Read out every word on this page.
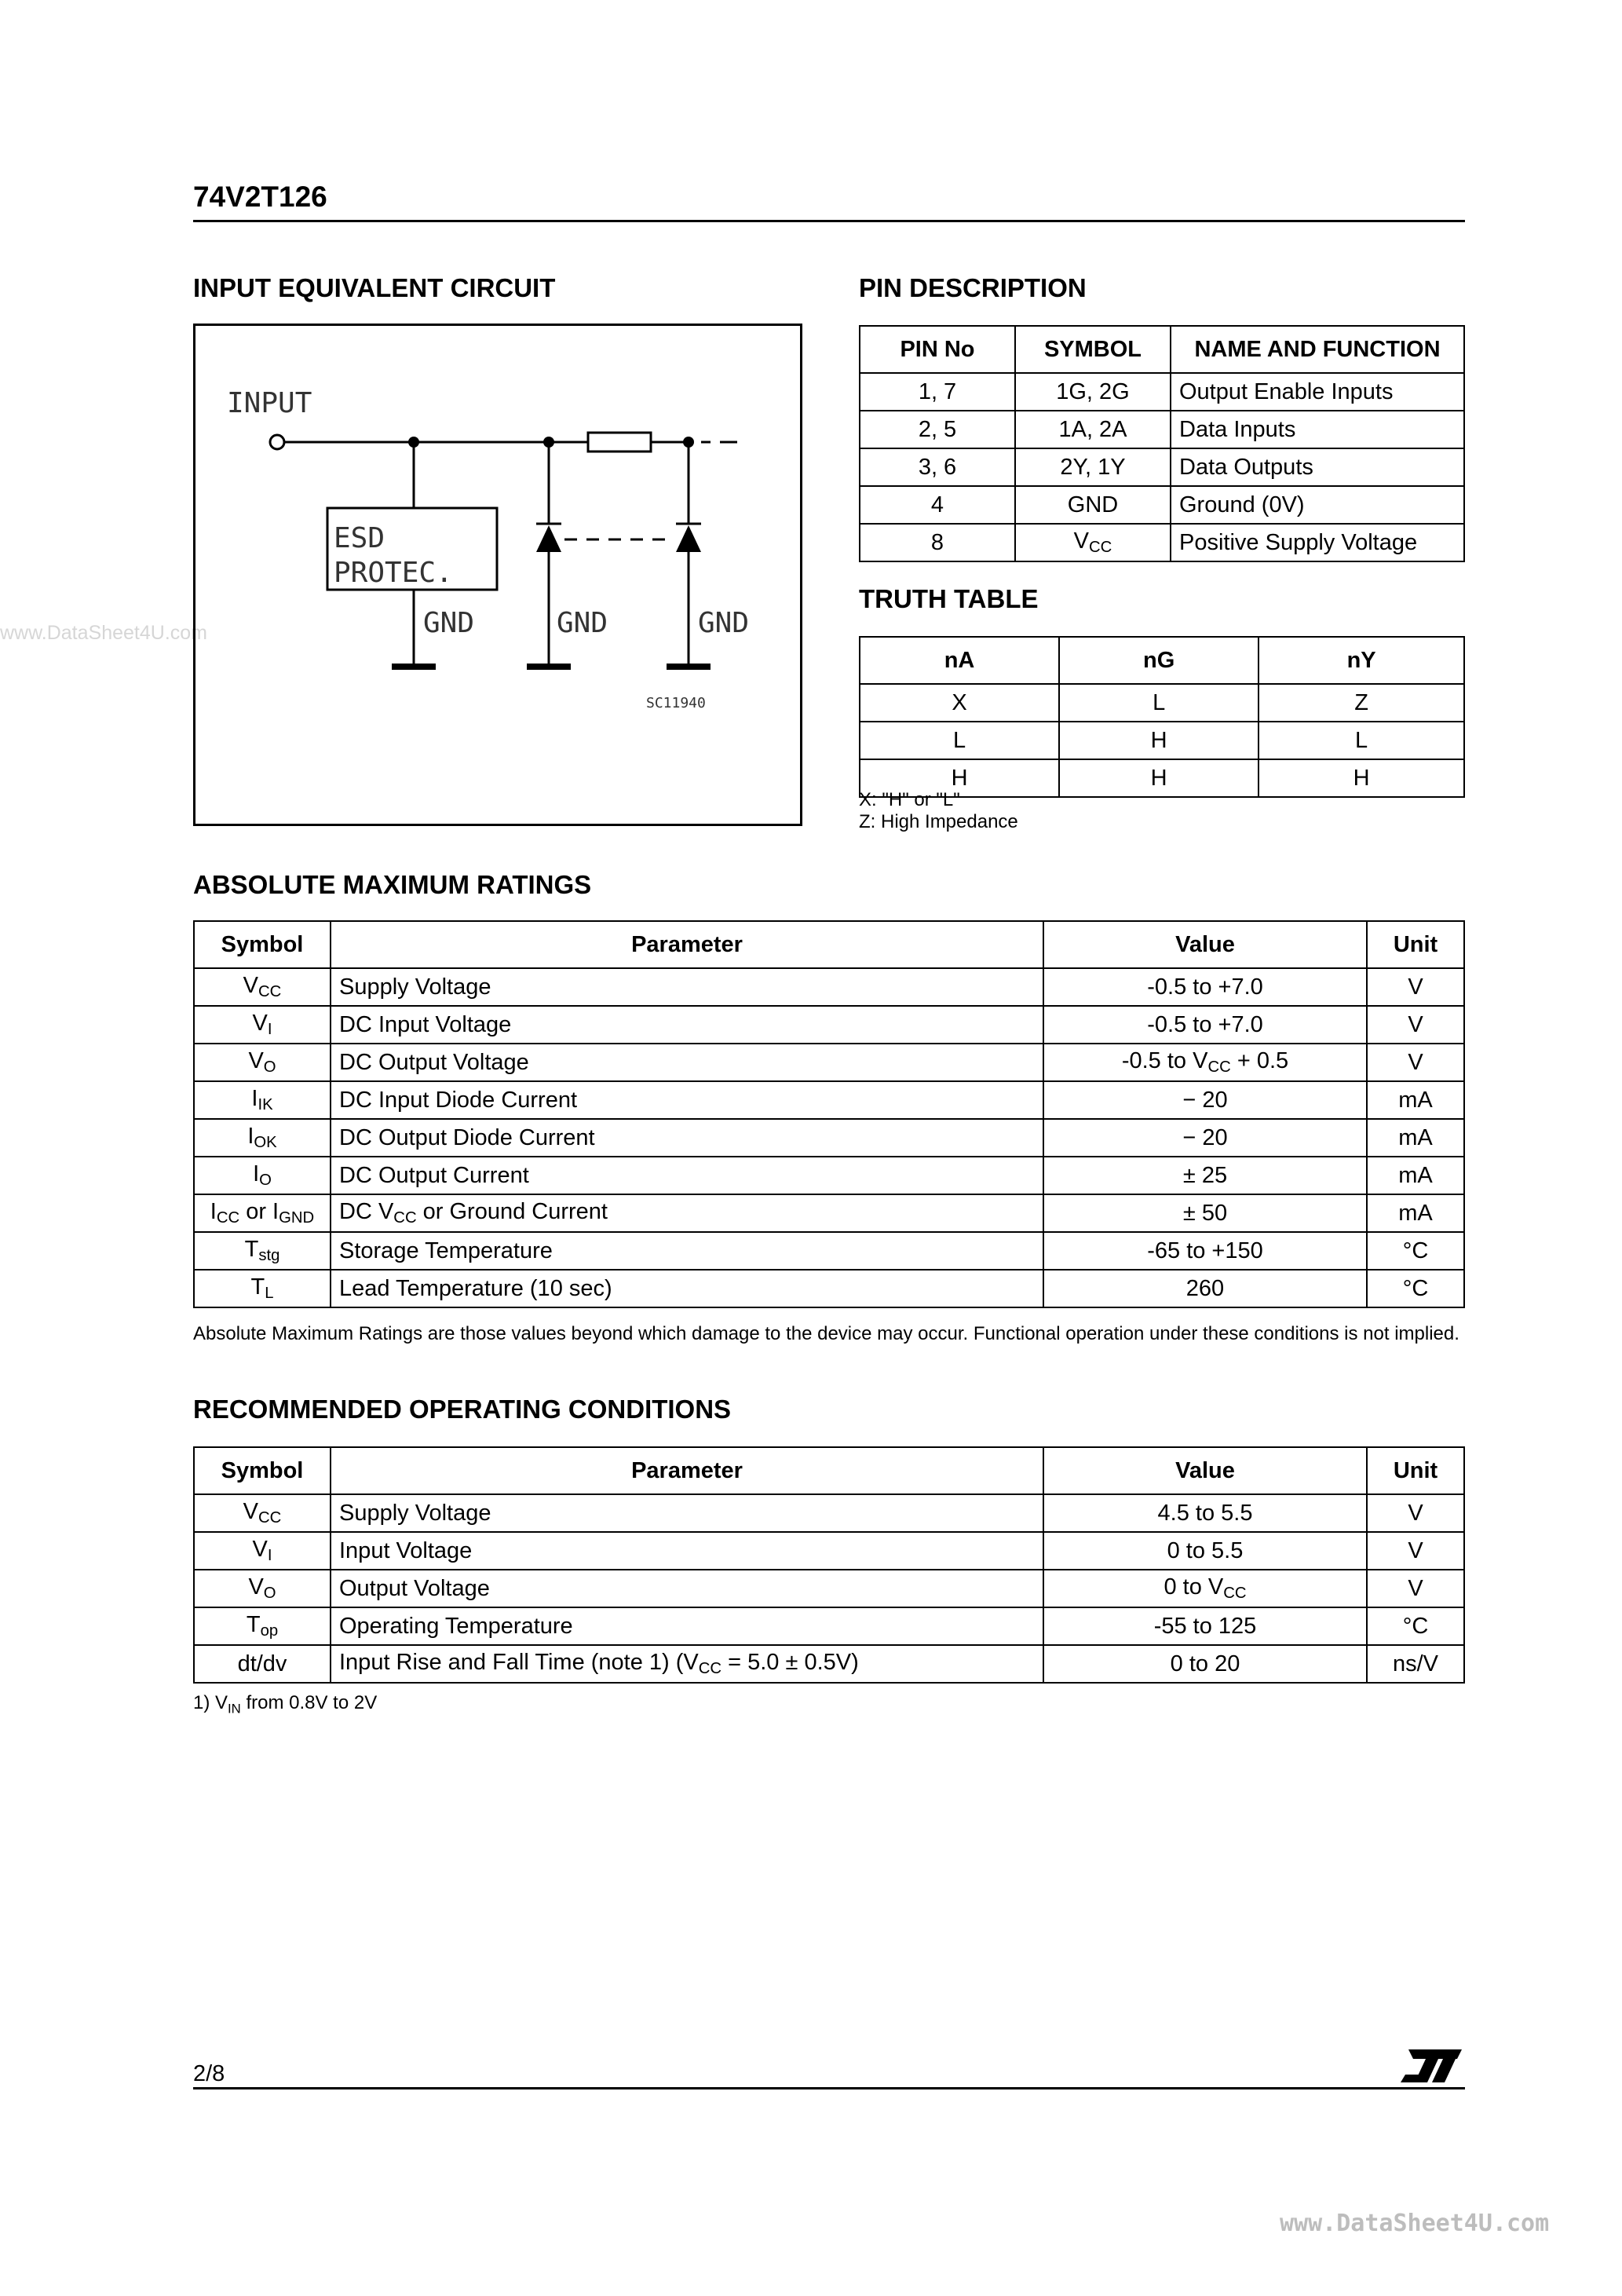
www.DataSheet4U.com
www.DataSheet4U.com
74V2T126
INPUT EQUIVALENT CIRCUIT
INPUT
ESD
PROTEC.
GND	GND	GND
SC11940
PIN DESCRIPTION
PIN No	SYMBOL	NAME AND FUNCTION
1, 7	1G, 2G	Output Enable Inputs
2, 5	1A, 2A	Data Inputs
3, 6	2Y, 1Y	Data Outputs
4	GND	Ground (0V)
8	$V_{CC}$	Positive Supply Voltage
TRUTH TABLE
nA	nG	nY
X	L	Z
L	H	L
H	H	H
X: "H" or "L"
Z: High Impedance
ABSOLUTE MAXIMUM RATINGS
Symbol	Parameter	Value	Unit
$V_{CC}$	Supply Voltage	-0.5 to +7.0	V
$V_I$	DC Input Voltage	-0.5 to +7.0	V
$V_O$	DC Output Voltage	-0.5 to $V_{CC} + 0.5$	V
$I_{IK}$	DC Input Diode Current	− 20	mA
$I_{OK}$	DC Output Diode Current	− 20	mA
$I_O$	DC Output Current	± 25	mA
$I_{CC}$ or $I_{GND}$	DC $V_{CC}$ or Ground Current	± 50	mA
$T_{stg}$	Storage Temperature	-65 to +150	°C
$T_L$	Lead Temperature (10 sec)	260	°C
Absolute Maximum Ratings are those values beyond which damage to the device may occur. Functional operation under these conditions is not implied.
RECOMMENDED OPERATING CONDITIONS
Symbol	Parameter	Value	Unit
$V_{CC}$	Supply Voltage	4.5 to 5.5	V
$V_I$	Input Voltage	0 to 5.5	V
$V_O$	Output Voltage	0 to $V_{CC}$	V
$T_{op}$	Operating Temperature	-55 to 125	°C
dt/dv	Input Rise and Fall Time (note 1) $(V_{CC} = 5.0 \pm 0.5V)$	0 to 20	ns/V
1) $V_{IN}$ from 0.8V to 2V
2/8
